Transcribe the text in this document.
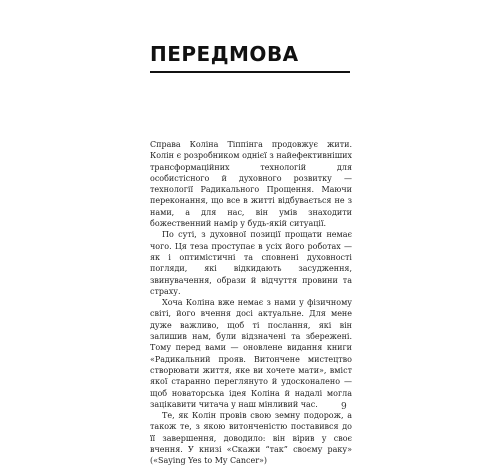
ПЕРЕДМОВА

Справа Коліна Тіппінга продовжує жити. Колін є розробником однієї з найефективніших трансформаційних технологій для особистісного й духовного розвитку — технології Радикального Прощення. Маючи переконання, що все в житті відбувається не з нами, а для нас, він умів знаходити божественний намір у будь-якій ситуації.

По суті, з духовної позиції прощати немає чого. Ця теза проступає в усіх його роботах — як і оптимістичні та сповнені духовності погляди, які відкидають засудження, звинувачення, образи й відчуття провини та страху.

Хоча Коліна вже немає з нами у фізичному світі, його вчення досі актуальне. Для мене дуже важливо, щоб ті послання, які він залишив нам, були відзначені та збережені. Тому перед вами — оновлене видання книги «Радикальний прояв. Витончене мистецтво створювати життя, яке ви хочете мати», вміст якої старанно переглянуто й удосконалено — щоб новаторська ідея Коліна й надалі могла зацікавити читача у наш мінливий час.

Те, як Колін провів свою земну подорож, а також те, з якою витонченістю поставився до її завершення, доводило: він вірив у своє вчення. У книзі «Скажи “так” своєму раку» («Saying Yes to My Cancer»)

9
